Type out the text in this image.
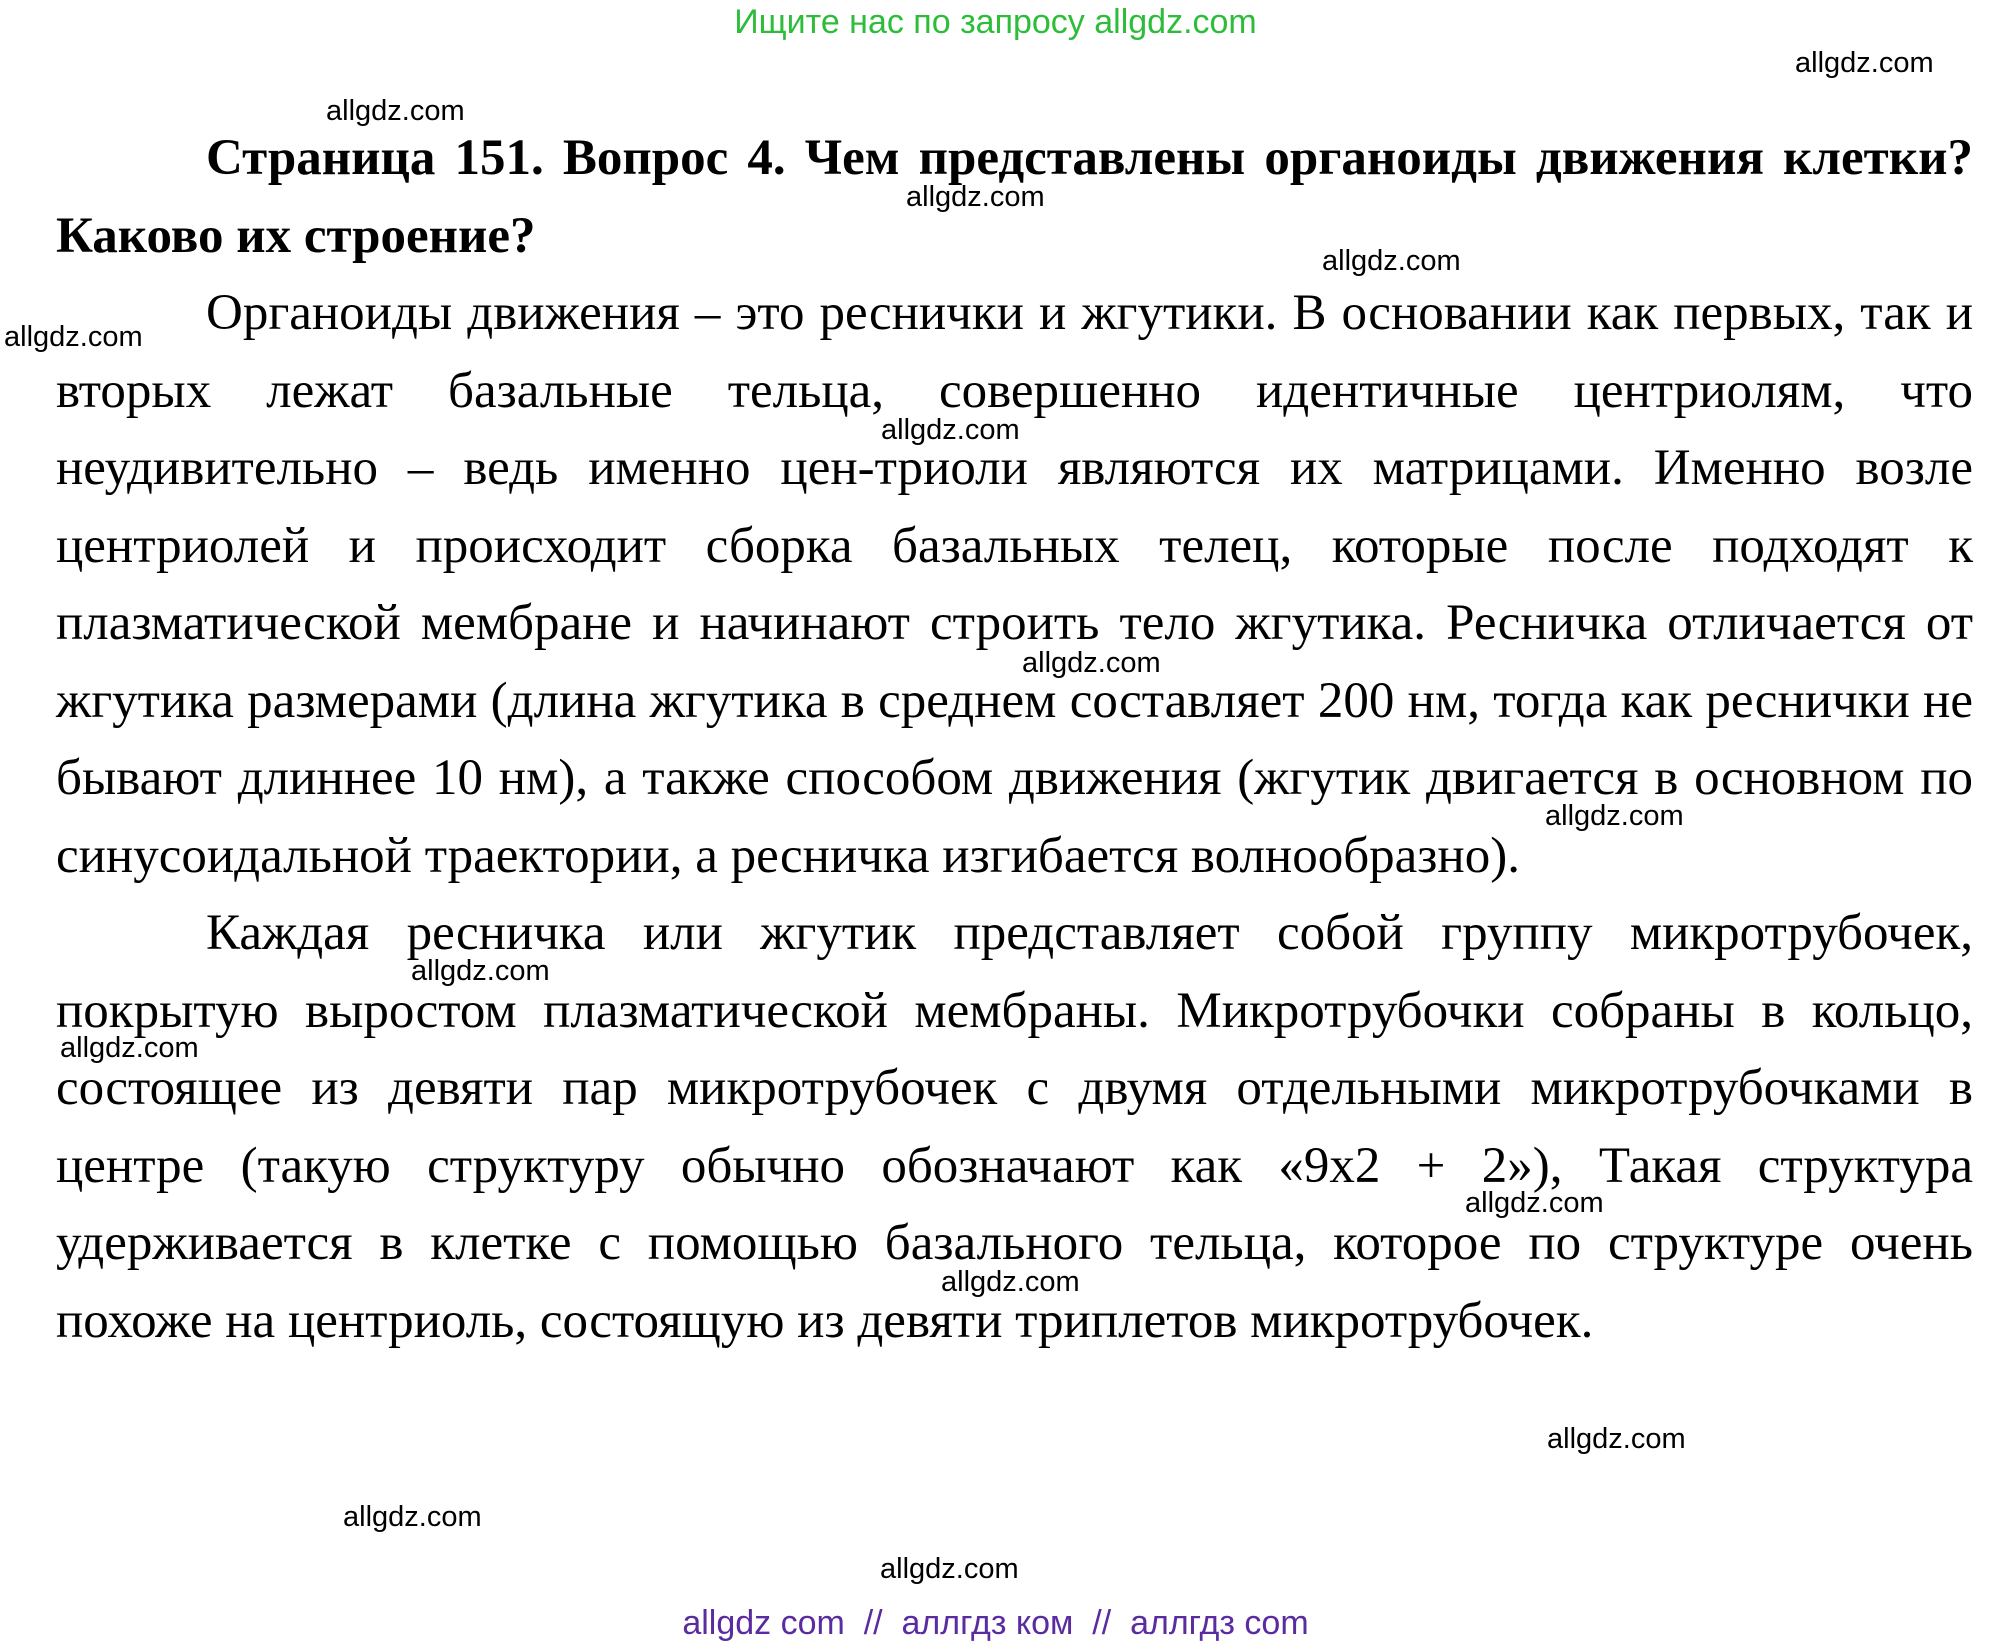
Ищите нас по запросу allgdz.com
allgdz.com
allgdz.com
allgdz.com
allgdz.com
allgdz.com
allgdz.com
allgdz.com
allgdz.com
allgdz.com
allgdz.com
allgdz.com
allgdz.com
allgdz.com
allgdz.com
allgdz.com

Страница 151. Вопрос 4. Чем представлены органоиды движения клетки? Каково их строение?

Органоиды движения – это реснички и жгутики. В основании как первых, так и вторых лежат базальные тельца, совершенно идентичные центриолям, что неудивительно – ведь именно цен-триоли являются их матрицами. Именно возле центриолей и происходит сборка базальных телец, которые после подходят к плазматической мембране и начинают строить тело жгутика. Ресничка отличается от жгутика размерами (длина жгутика в среднем составляет 200 нм, тогда как реснички не бывают длиннее 10 нм), а также способом движения (жгутик двигается в основном по синусоидальной траектории, а ресничка изгибается волнообразно).

Каждая ресничка или жгутик представляет собой группу микротрубочек, покрытую выростом плазматической мембраны. Микротрубочки собраны в кольцо, состоящее из девяти пар микротрубочек с двумя отдельными микротрубочками в центре (такую структуру обычно обозначают как «9х2 + 2»), Такая структура удерживается в клетке с помощью базального тельца, которое по структуре очень похоже на центриоль, состоящую из девяти триплетов микротрубочек.

allgdz com  //  аллгдз ком  //  аллгдз com
